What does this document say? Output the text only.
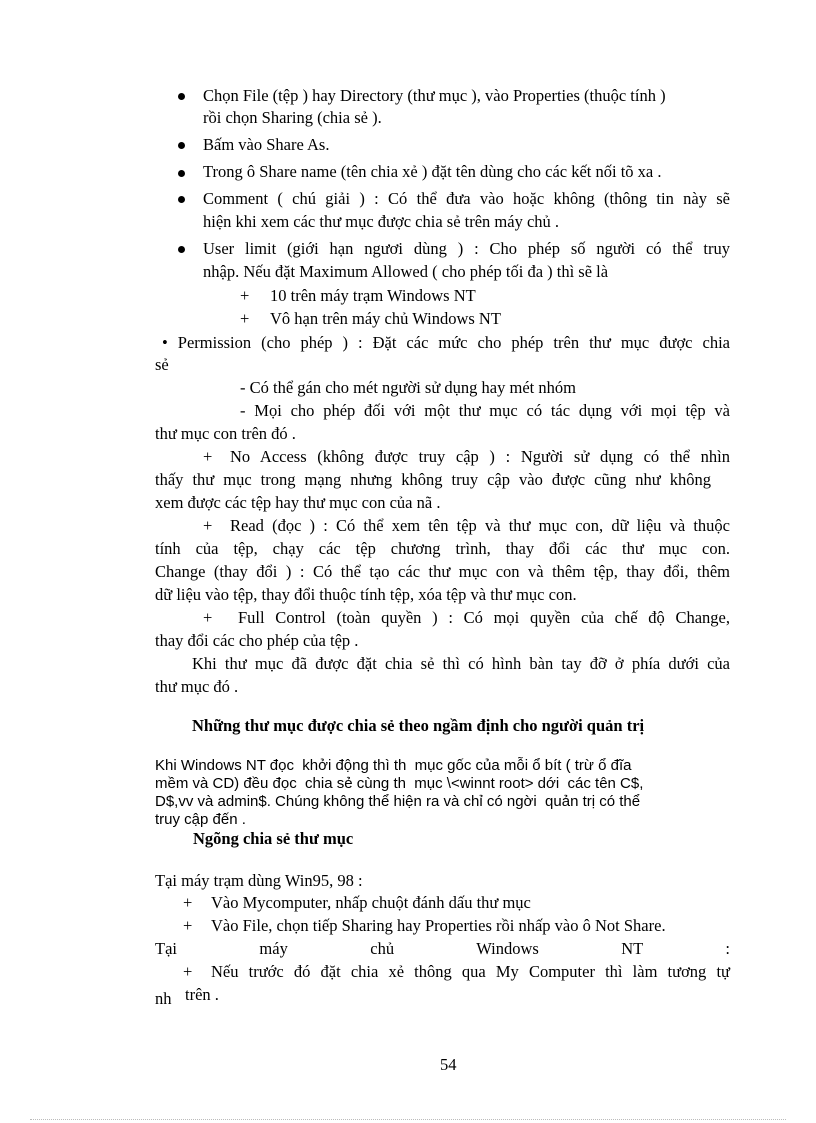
Chọn File (tệp ) hay Directory (thư mục ), vào Properties (thuộc tính )
rồi chọn Sharing (chia sẻ ).
Bấm vào Share As.
Trong ô Share name (tên chia xẻ ) đặt tên dùng cho các kết nối tõ xa .
Comment ( chú giải ) : Có thể đưa vào hoặc không (thông tin này sẽ
hiện khi xem các thư mục được chia sẻ trên máy chủ .
User limit (giới hạn ngươi dùng ) : Cho phép số người có thể truy
nhập. Nếu đặt Maximum Allowed ( cho phép tối đa ) thì sẽ là
+ 10 trên máy trạm Windows NT
+ Vô hạn trên máy chủ Windows NT
• Permission (cho phép ) : Đặt các mức cho phép trên thư mục được chia
sẻ
- Có thể gán cho mét người sử dụng hay mét nhóm
- Mọi cho phép đối với một thư mục có tác dụng với mọi tệp và
thư mục con trên đó .
+ No Access (không được truy cập ) : Người sử dụng có thể nhìn
thấy thư mục trong mạng nhưng không truy cập vào được cũng như không
xem được các tệp hay thư mục con của nã .
+ Read (đọc ) : Có thể xem tên tệp và thư mục con, dữ liệu và thuộc
tính của tệp, chạy các tệp chương trình, thay đổi các thư mục con.
Change (thay đổi ) : Có thể tạo các thư mục con và thêm tệp, thay đổi, thêm
dữ liệu vào tệp, thay đổi thuộc tính tệp, xóa tệp và thư mục con.
+ Full Control (toàn quyền ) : Có mọi quyền của chế độ Change,
thay đổi các cho phép của tệp .
Khi thư mục đã được đặt chia sẻ thì có hình bàn tay đỡ ở phía dưới của
thư mục đó .
Những thư mục được chia sẻ theo ngầm định cho người quản trị
Khi Windows NT đọc  khởi động thì th  mục gốc của mỗi ổ bít ( trừ ổ đĩa
mềm và CD) đều đọc  chia sẻ cùng th  mục \<winnt root> dới  các tên C$,
D$,vv và admin$. Chúng không thể hiện ra và chỉ có ngời  quản trị có thể
truy cập đến .
Ngõng chia sẻ thư mục
Tại máy trạm dùng Win95, 98 :
+ Vào Mycomputer, nhấp chuột đánh dấu thư mục
+ Vào File, chọn tiếp Sharing hay Properties rồi nhấp vào ô Not Share.
Tại máy chủ Windows NT :
+ Nếu trước đó đặt chia xẻ thông qua My Computer thì làm tương tự
nh trên .
54
